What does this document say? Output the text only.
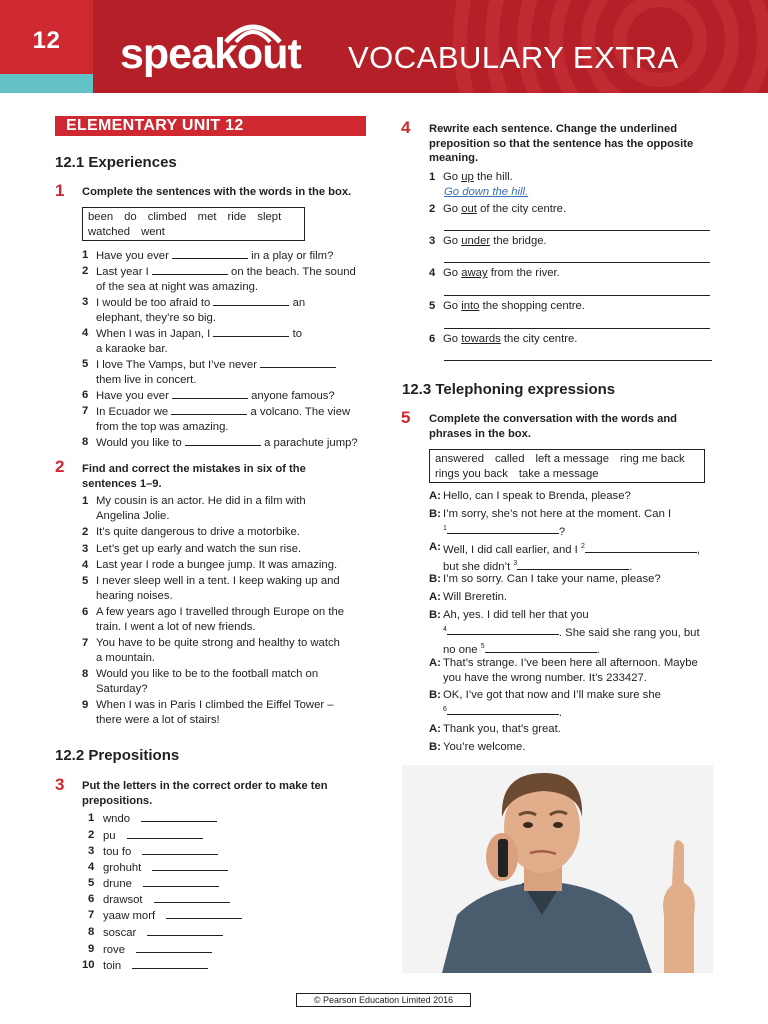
12	speakout VOCABULARY EXTRA
ELEMENTARY UNIT 12
12.1 Experiences
1 Complete the sentences with the words in the box.
been do climbed met ride slept
watched went
1 Have you ever	in a play or film?
2 Last year I	on the beach. The sound
of the sea at night was amazing.
3 I would be too afraid to	an
elephant, they’re so big.
4 When I was in Japan, I	to
a karaoke bar.
5 I love The Vamps, but I’ve never
them live in concert.
6 Have you ever	anyone famous?
7 In Ecuador we	a volcano. The view
from the top was amazing.
8 Would you like to	a parachute jump?
2 Find and correct the mistakes in six of the
sentences 1–9.
1 My cousin is an actor. He did in a film with
Angelina Jolie.
2 It’s quite dangerous to drive a motorbike.
3 Let’s get up early and watch the sun rise.
4 Last year I rode a bungee jump. It was amazing.
5 I never sleep well in a tent. I keep waking up and
hearing noises.
6 A few years ago I travelled through Europe on the
train. I went a lot of new friends.
7 You have to be quite strong and healthy to watch
a mountain.
8 Would you like to be to the football match on
Saturday?
9 When I was in Paris I climbed the Eiffel Tower –
there were a lot of stairs!
12.2 Prepositions
3 Put the letters in the correct order to make ten
prepositions.
1 wndo
2 pu
3 tou fo
4 grohuht
5 drune
6 drawsot
7 yaaw morf
8 soscar
9 rove
10 toin
4 Rewrite each sentence. Change the underlined
preposition so that the sentence has the opposite
meaning.
1 Go up the hill.
Go down the hill.
2 Go out of the city centre.
3 Go under the bridge.
4 Go away from the river.
5 Go into the shopping centre.
6 Go towards the city centre.
12.3 Telephoning expressions
5 Complete the conversation with the words and
phrases in the box.
answered called left a message ring me back
rings you back take a message
A: Hello, can I speak to Brenda, please?
B: I’m sorry, she’s not here at the moment. Can I
$^1$	?
A: Well, I did call earlier, and I $^2$	,
but she didn’t $^3$	.
B: I’m so sorry. Can I take your name, please?
A: Will Breretin.
B: Ah, yes. I did tell her that you
$^4$	. She said she rang you, but
no one $^5$	.
A: That’s strange. I’ve been here all afternoon. Maybe
you have the wrong number. It’s 233427.
B: OK, I’ve got that now and I’ll make sure she
$^6$	.
A: Thank you, that’s great.
B: You’re welcome.
© Pearson Education Limited 2016
